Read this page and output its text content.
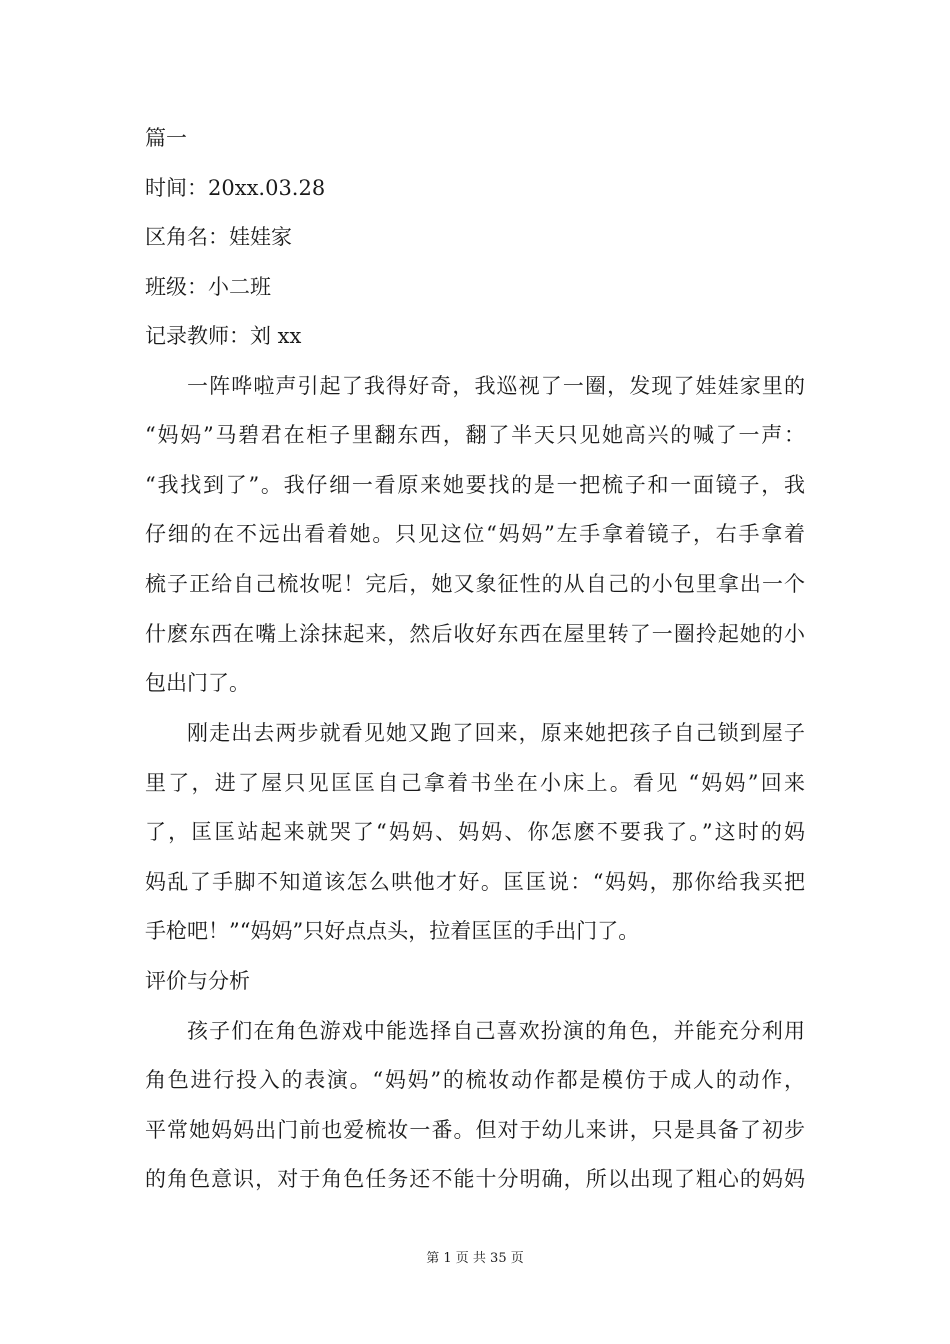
篇一
时间：20xx.03.28
区角名：娃娃家
班级：小二班
记录教师：刘 xx
一阵哗啦声引起了我得好奇，我巡视了一圈，发现了娃娃家里的
“妈妈”马碧君在柜子里翻东西，翻了半天只见她高兴的喊了一声：
“我找到了”。我仔细一看原来她要找的是一把梳子和一面镜子，我
仔细的在不远出看着她。只见这位“妈妈”左手拿着镜子，右手拿着
梳子正给自己梳妆呢！完后，她又象征性的从自己的小包里拿出一个
什麽东西在嘴上涂抹起来，然后收好东西在屋里转了一圈拎起她的小
包出门了。
刚走出去两步就看见她又跑了回来，原来她把孩子自己锁到屋子
里了，进了屋只见匡匡自己拿着书坐在小床上。看见 “妈妈”回来
了，匡匡站起来就哭了“妈妈、妈妈、你怎麽不要我了。”这时的妈
妈乱了手脚不知道该怎么哄他才好。匡匡说：“妈妈，那你给我买把
手枪吧！”“妈妈”只好点点头，拉着匡匡的手出门了。
评价与分析
孩子们在角色游戏中能选择自己喜欢扮演的角色，并能充分利用
角色进行投入的表演。“妈妈”的梳妆动作都是模仿于成人的动作，
平常她妈妈出门前也爱梳妆一番。但对于幼儿来讲，只是具备了初步
的角色意识，对于角色任务还不能十分明确，所以出现了粗心的妈妈
第 1 页 共 35 页
